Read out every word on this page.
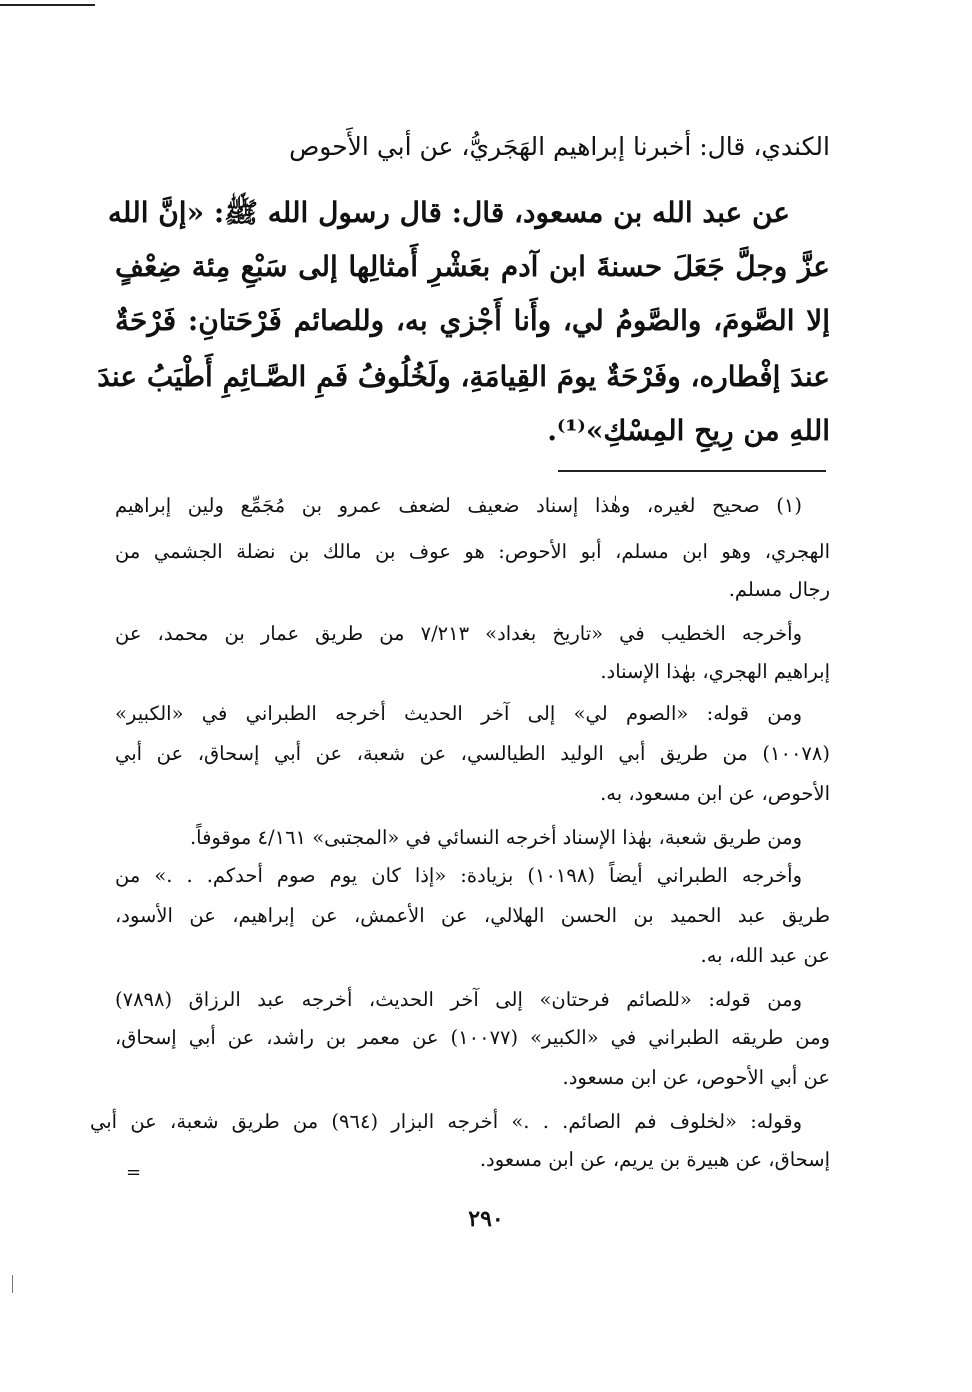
الكندي، قال: أخبرنا إبراهيم الهَجَريُّ، عن أبي الأَحوص
عن عبد الله بن مسعود، قال: قال رسول الله ﷺ: «إنَّ الله
عزَّ وجلَّ جَعَلَ حسنةَ ابن آدم بعَشْرِ أَمثالِها إلى سَبْعِ مِئة ضِعْفٍ
إلا الصَّومَ، والصَّومُ لي، وأَنا أَجْزي به، وللصائم فَرْحَتانِ: فَرْحَةٌ
عندَ إفْطاره، وفَرْحَةٌ يومَ القِيامَةِ، ولَخُلُوفُ فَمِ الصَّـائِمِ أَطْيَبُ عندَ
اللهِ من رِيحِ المِسْكِ»⁽¹⁾.
(١) صحيح لغيره، وهٰذا إسناد ضعيف لضعف عمرو بن مُجَمِّع ولين إبراهيم
الهجري، وهو ابن مسلم، أبو الأحوص: هو عوف بن مالك بن نضلة الجشمي من
رجال مسلم.
وأخرجه الخطيب في «تاريخ بغداد» ٧/٢١٣ من طريق عمار بن محمد، عن
إبراهيم الهجري، بهٰذا الإسناد.
ومن قوله: «الصوم لي» إلى آخر الحديث أخرجه الطبراني في «الكبير»
(١٠٠٧٨) من طريق أبي الوليد الطيالسي، عن شعبة، عن أبي إسحاق، عن أبي
الأحوص، عن ابن مسعود، به.
ومن طريق شعبة، بهٰذا الإسناد أخرجه النسائي في «المجتبى» ٤/١٦١ موقوفاً.
وأخرجه الطبراني أيضاً (١٠١٩٨) بزيادة: «إذا كان يوم صوم أحدكم. . .» من
طريق عبد الحميد بن الحسن الهلالي، عن الأعمش، عن إبراهيم، عن الأسود،
عن عبد الله، به.
ومن قوله: «للصائم فرحتان» إلى آخر الحديث، أخرجه عبد الرزاق (٧٨٩٨)
ومن طريقه الطبراني في «الكبير» (١٠٠٧٧) عن معمر بن راشد، عن أبي إسحاق،
عن أبي الأحوص، عن ابن مسعود.
وقوله: «لخلوف فم الصائم. . .» أخرجه البزار (٩٦٤) من طريق شعبة، عن أبي
إسحاق، عن هبيرة بن يريم، عن ابن مسعود.
=
٢٩٠
